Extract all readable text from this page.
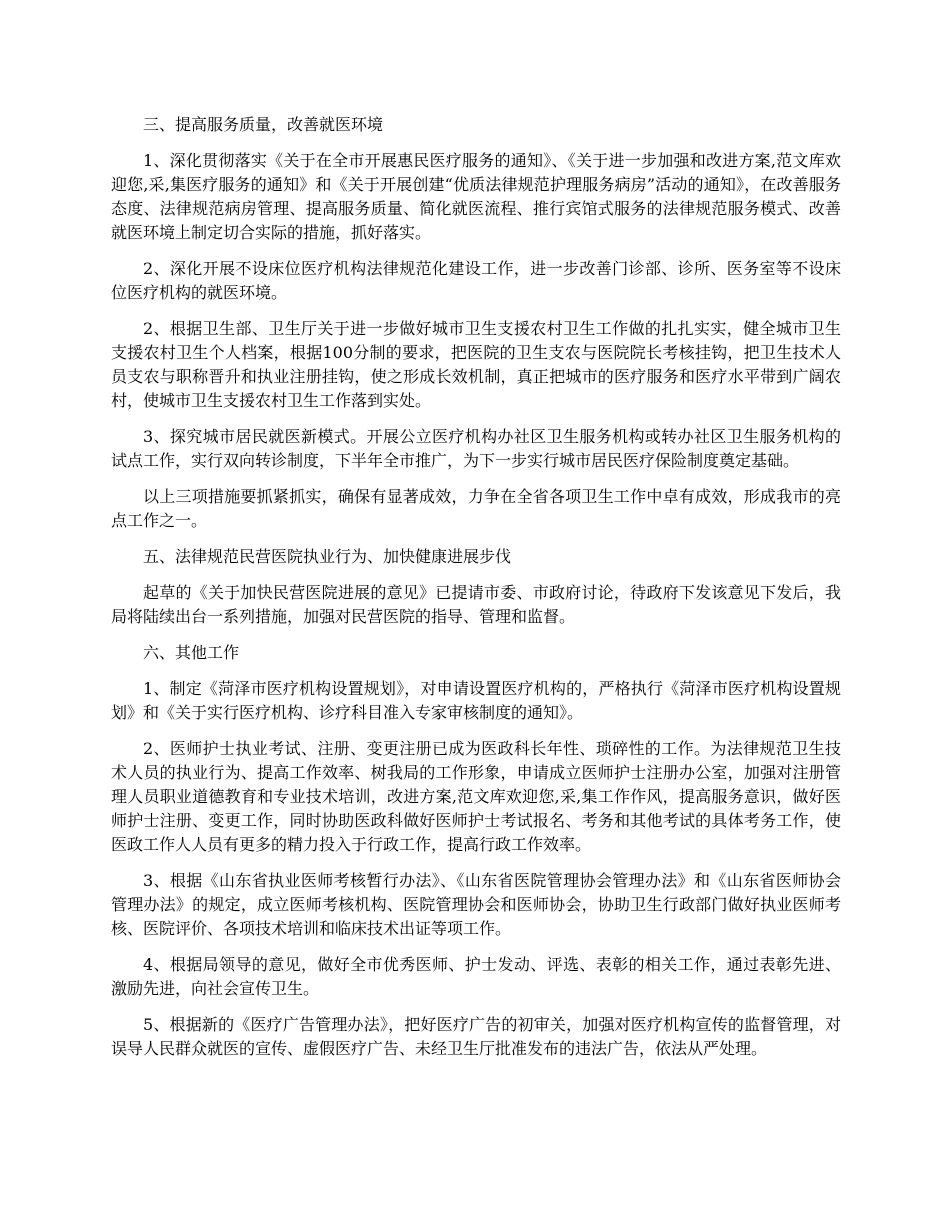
三、提高服务质量，改善就医环境

1、深化贯彻落实《关于在全市开展惠民医疗服务的通知》、《关于进一步加强和改进方案,范文库欢迎您,采,集医疗服务的通知》和《关于开展创建“优质法律规范护理服务病房”活动的通知》，在改善服务态度、法律规范病房管理、提高服务质量、简化就医流程、推行宾馆式服务的法律规范服务模式、改善就医环境上制定切合实际的措施，抓好落实。

2、深化开展不设床位医疗机构法律规范化建设工作，进一步改善门诊部、诊所、医务室等不设床位医疗机构的就医环境。

2、根据卫生部、卫生厅关于进一步做好城市卫生支援农村卫生工作做的扎扎实实，健全城市卫生支援农村卫生个人档案，根据100分制的要求，把医院的卫生支农与医院院长考核挂钩，把卫生技术人员支农与职称晋升和执业注册挂钩，使之形成长效机制，真正把城市的医疗服务和医疗水平带到广阔农村，使城市卫生支援农村卫生工作落到实处。

3、探究城市居民就医新模式。开展公立医疗机构办社区卫生服务机构或转办社区卫生服务机构的试点工作，实行双向转诊制度，下半年全市推广，为下一步实行城市居民医疗保险制度奠定基础。

以上三项措施要抓紧抓实，确保有显著成效，力争在全省各项卫生工作中卓有成效，形成我市的亮点工作之一。

五、法律规范民营医院执业行为、加快健康进展步伐

起草的《关于加快民营医院进展的意见》已提请市委、市政府讨论，待政府下发该意见下发后，我局将陆续出台一系列措施，加强对民营医院的指导、管理和监督。

六、其他工作

1、制定《菏泽市医疗机构设置规划》，对申请设置医疗机构的，严格执行《菏泽市医疗机构设置规划》和《关于实行医疗机构、诊疗科目准入专家审核制度的通知》。

2、医师护士执业考试、注册、变更注册已成为医政科长年性、琐碎性的工作。为法律规范卫生技术人员的执业行为、提高工作效率、树我局的工作形象，申请成立医师护士注册办公室，加强对注册管理人员职业道德教育和专业技术培训，改进方案,范文库欢迎您,采,集工作作风，提高服务意识，做好医师护士注册、变更工作，同时协助医政科做好医师护士考试报名、考务和其他考试的具体考务工作，使医政工作人人员有更多的精力投入于行政工作，提高行政工作效率。

3、根据《山东省执业医师考核暂行办法》、《山东省医院管理协会管理办法》和《山东省医师协会管理办法》的规定，成立医师考核机构、医院管理协会和医师协会，协助卫生行政部门做好执业医师考核、医院评价、各项技术培训和临床技术出证等项工作。

4、根据局领导的意见，做好全市优秀医师、护士发动、评选、表彰的相关工作，通过表彰先进、激励先进，向社会宣传卫生。

5、根据新的《医疗广告管理办法》，把好医疗广告的初审关，加强对医疗机构宣传的监督管理，对误导人民群众就医的宣传、虚假医疗广告、未经卫生厅批准发布的违法广告，依法从严处理。
